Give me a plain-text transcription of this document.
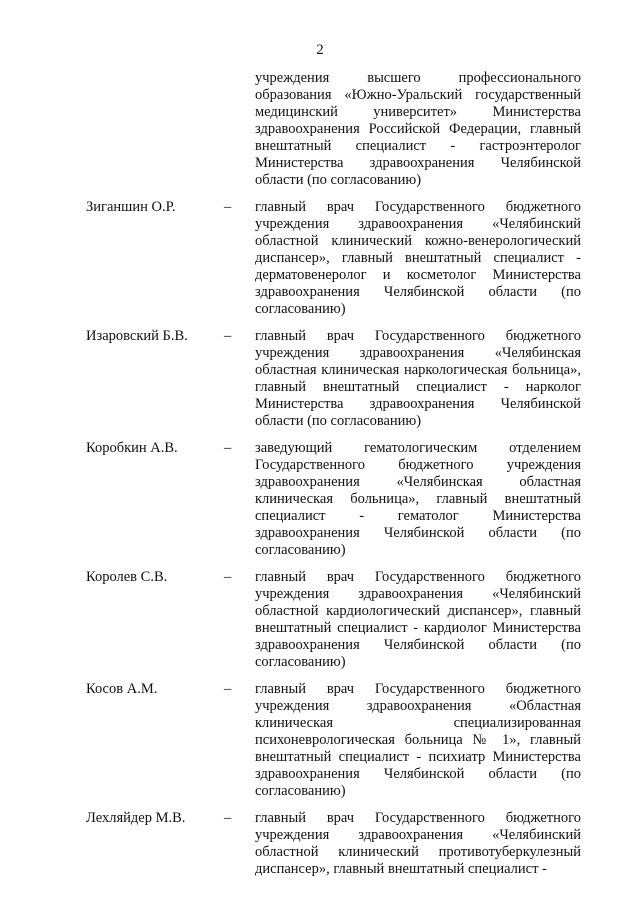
2
учреждения высшего профессионального образования «Южно-Уральский государственный медицинский университет» Министерства здравоохранения Российской Федерации, главный внештатный специалист - гастроэнтеролог Министерства здравоохранения Челябинской области (по согласованию)
Зиганшин О.Р.	– главный врач Государственного бюджетного учреждения здравоохранения «Челябинский областной клинический кожно-венерологический диспансер», главный внештатный специалист - дерматовенеролог и косметолог Министерства здравоохранения Челябинской области (по согласованию)
Изаровский Б.В. – главный врач Государственного бюджетного учреждения здравоохранения «Челябинская областная клиническая наркологическая больница», главный внештатный специалист - нарколог Министерства здравоохранения Челябинской области (по согласованию)
Коробкин А.В.	– заведующий гематологическим отделением Государственного бюджетного учреждения здравоохранения «Челябинская областная клиническая больница», главный внештатный специалист - гематолог Министерства здравоохранения Челябинской области (по согласованию)
Королев С.В.	– главный врач Государственного бюджетного учреждения здравоохранения «Челябинский областной кардиологический диспансер», главный внештатный специалист - кардиолог Министерства здравоохранения Челябинской области (по согласованию)
Косов А.М.	– главный врач Государственного бюджетного учреждения здравоохранения «Областная клиническая специализированная психоневрологическая больница № 1», главный внештатный специалист - психиатр Министерства здравоохранения Челябинской области (по согласованию)
Лехляйдер М.В.	– главный врач Государственного бюджетного учреждения здравоохранения «Челябинский областной клинический противотуберкулезный диспансер», главный внештатный специалист -
